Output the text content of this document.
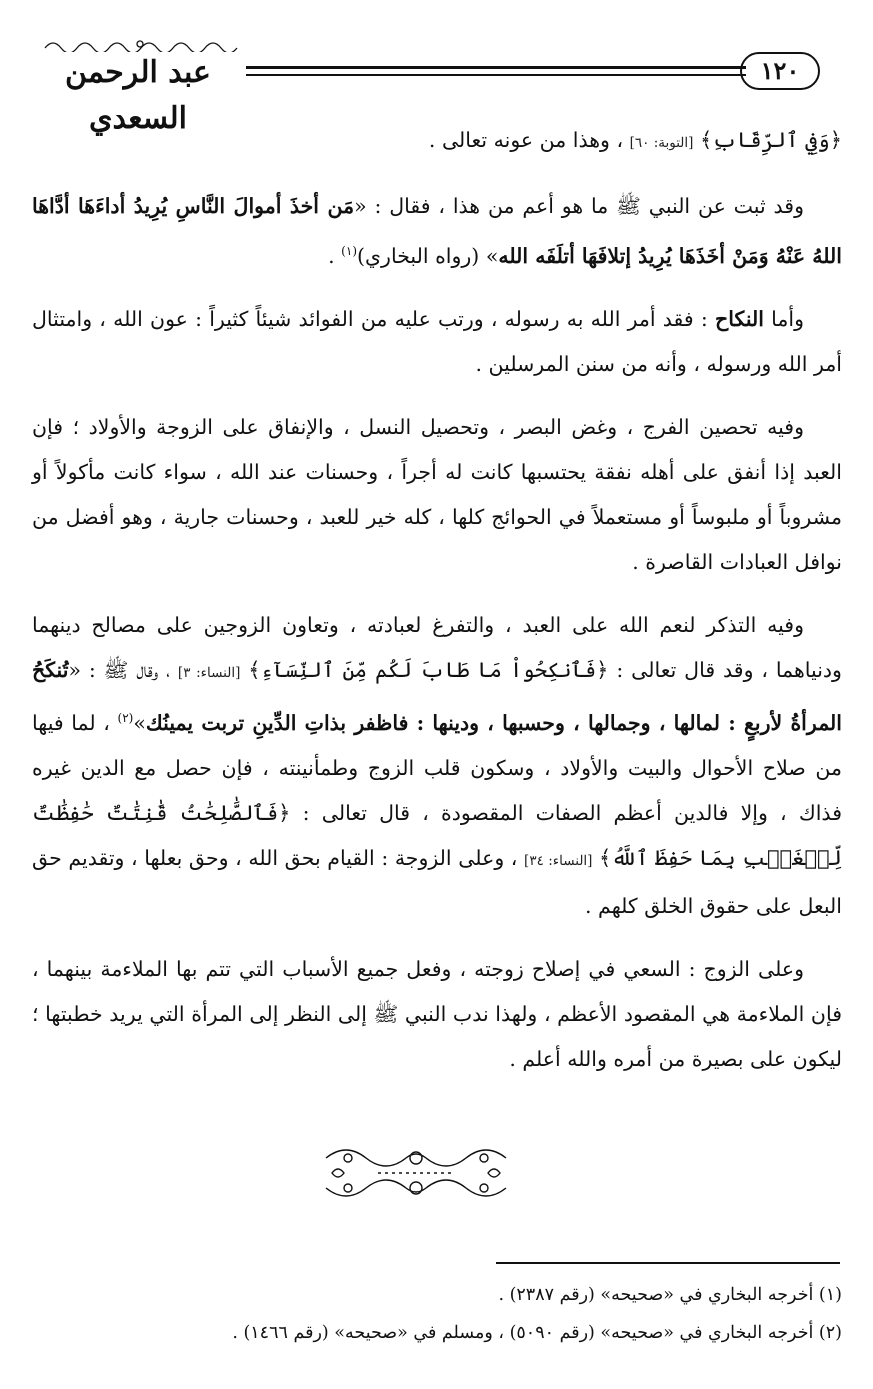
عبد الرحمن السعدي
١٢٠

﴿وَفِي ٱلرِّقَابِ﴾ [التوبة: ٦٠] ، وهذا من عونه تعالى .

وقد ثبت عن النبي ﷺ ما هو أعم من هذا ، فقال : «مَن أخذَ أموالَ النَّاسِ يُرِيدُ أداءَهَا أدَّاهَا اللهُ عَنْهُ وَمَنْ أخَذَهَا يُرِيدُ إتلافَهَا أتلَفَه الله» (رواه البخاري)$^{(١)}$ .

وأما النكاح : فقد أمر الله به رسوله ، ورتب عليه من الفوائد شيئاً كثيراً : عون الله ، وامتثال أمر الله ورسوله ، وأنه من سنن المرسلين .

وفيه تحصين الفرج ، وغض البصر ، وتحصيل النسل ، والإنفاق على الزوجة والأولاد ؛ فإن العبد إذا أنفق على أهله نفقة يحتسبها كانت له أجراً ، وحسنات عند الله ، سواء كانت مأكولاً أو مشروباً أو ملبوساً أو مستعملاً في الحوائج كلها ، كله خير للعبد ، وحسنات جارية ، وهو أفضل من نوافل العبادات القاصرة .

وفيه التذكر لنعم الله على العبد ، والتفرغ لعبادته ، وتعاون الزوجين على مصالح دينهما ودنياهما ، وقد قال تعالى : ﴿فَٱنكِحُواْ مَا طَابَ لَكُم مِّنَ ٱلنِّسَآءِ﴾ [النساء: ٣] ، وقال ﷺ : «تُنكَحُ المرأةُ لأربعٍ : لمالها ، وجمالها ، وحسبها ، ودينها : فاظفر بذاتِ الدِّينِ تربت يمينُك»$^{(٢)}$ ، لما فيها من صلاح الأحوال والبيت والأولاد ، وسكون قلب الزوج وطمأنينته ، فإن حصل مع الدين غيره فذاك ، وإلا فالدين أعظم الصفات المقصودة ، قال تعالى : ﴿فَٱلصَّٰلِحَٰتُ قَٰنِتَٰتٌ حَٰفِظَٰتٌ لِّلۡغَيۡبِ بِمَا حَفِظَ ٱللَّهُ﴾ [النساء: ٣٤] ، وعلى الزوجة : القيام بحق الله ، وحق بعلها ، وتقديم حق البعل على حقوق الخلق كلهم .

وعلى الزوج : السعي في إصلاح زوجته ، وفعل جميع الأسباب التي تتم بها الملاءمة بينهما ، فإن الملاءمة هي المقصود الأعظم ، ولهذا ندب النبي ﷺ إلى النظر إلى المرأة التي يريد خطبتها ؛ ليكون على بصيرة من أمره والله أعلم .

(١) أخرجه البخاري في «صحيحه» (رقم ٢٣٨٧) .
(٢) أخرجه البخاري في «صحيحه» (رقم ٥٠٩٠) ، ومسلم في «صحيحه» (رقم ١٤٦٦) .
